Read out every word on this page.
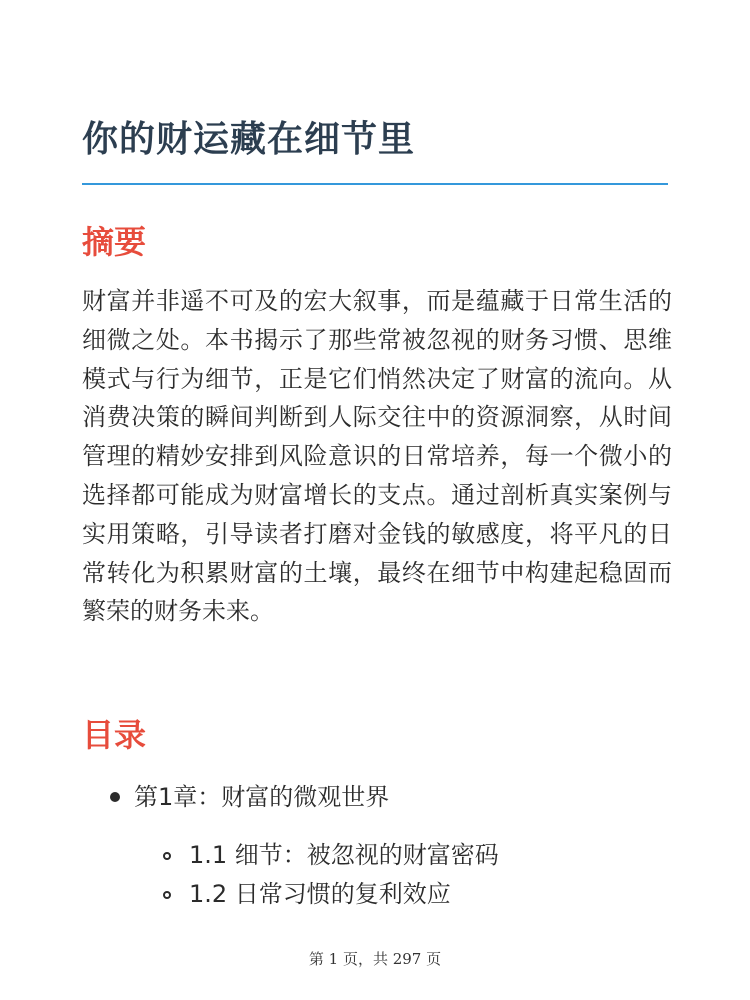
你的财运藏在细节里
摘要

财富并非遥不可及的宏大叙事，而是蕴藏于日常生活的细微之处。本书揭示了那些常被忽视的财务习惯、思维模式与行为细节，正是它们悄然决定了财富的流向。从消费决策的瞬间判断到人际交往中的资源洞察，从时间管理的精妙安排到风险意识的日常培养，每一个微小的选择都可能成为财富增长的支点。通过剖析真实案例与实用策略，引导读者打磨对金钱的敏感度，将平凡的日常转化为积累财富的土壤，最终在细节中构建起稳固而繁荣的财务未来。

目录
第1章：财富的微观世界
1.1 细节：被忽视的财富密码
1.2 日常习惯的复利效应
第 1 页，共 297 页
